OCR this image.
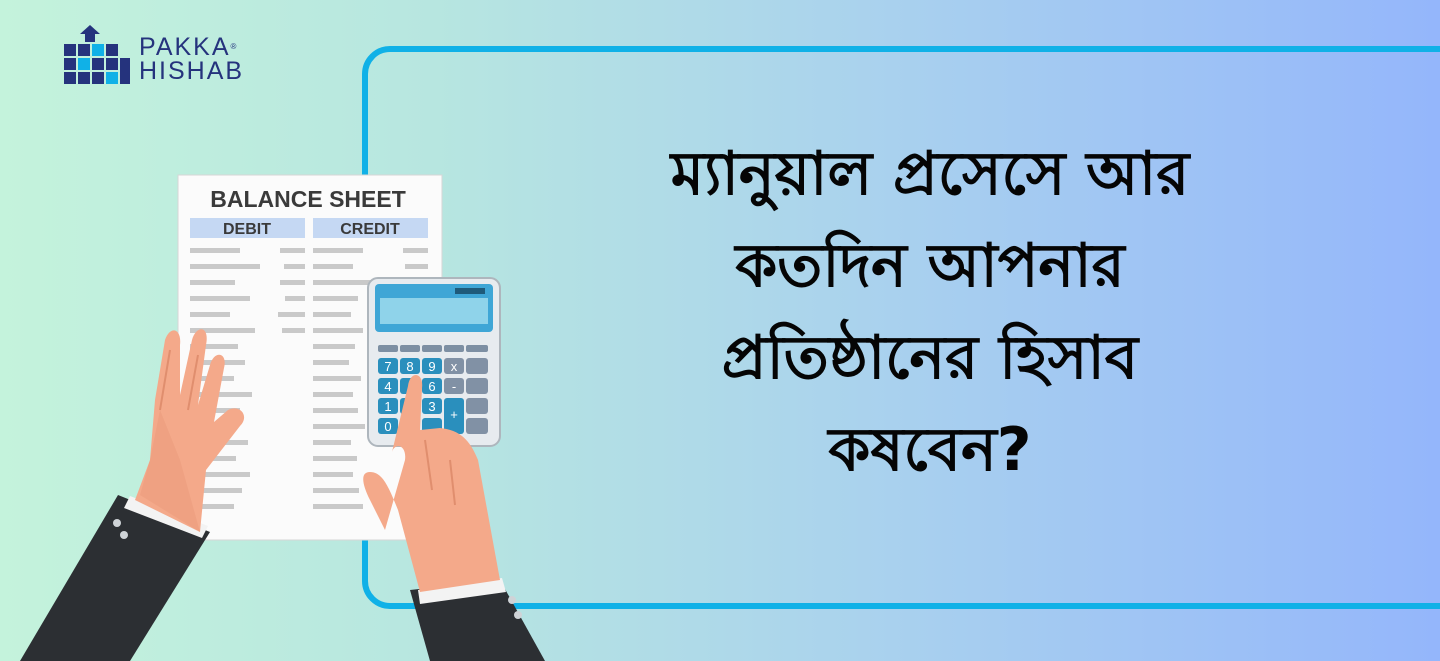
PAKKA®
HISHAB
ম্যানুয়াল প্রসেসে আর
কতদিন আপনার
প্রতিষ্ঠানের হিসাব
কষবেন?
BALANCE SHEET
DEBIT	CREDIT
7 8 9 x
4	6 -
1	3
+
0
